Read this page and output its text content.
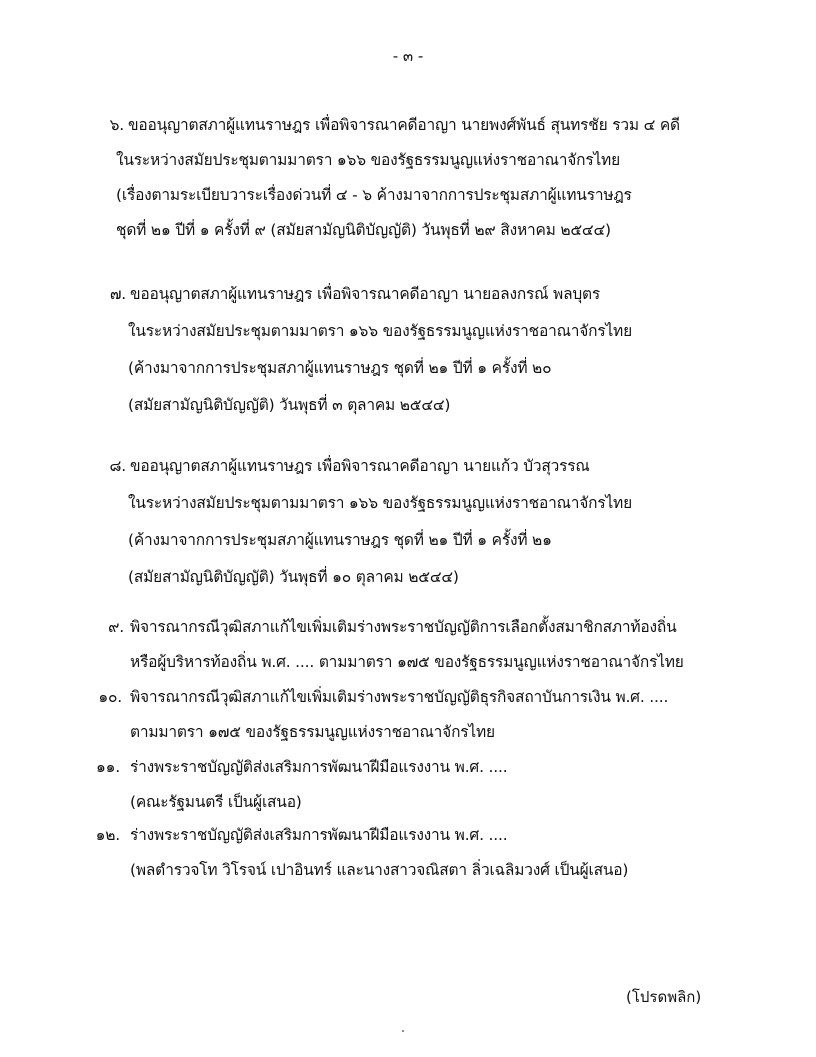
- ๓ -
๖. ขออนุญาตสภาผู้แทนราษฎร เพื่อพิจารณาคดีอาญา นายพงศ์พันธ์ สุนทรชัย รวม ๔ คดี
ในระหว่างสมัยประชุมตามมาตรา ๑๖๖ ของรัฐธรรมนูญแห่งราชอาณาจักรไทย
(เรื่องตามระเบียบวาระเรื่องด่วนที่ ๔ - ๖ ค้างมาจากการประชุมสภาผู้แทนราษฎร
ชุดที่ ๒๑ ปีที่ ๑ ครั้งที่ ๙ (สมัยสามัญนิติบัญญัติ) วันพุธที่ ๒๙ สิงหาคม ๒๕๔๔)
๗. ขออนุญาตสภาผู้แทนราษฎร เพื่อพิจารณาคดีอาญา นายอลงกรณ์ พลบุตร
ในระหว่างสมัยประชุมตามมาตรา ๑๖๖ ของรัฐธรรมนูญแห่งราชอาณาจักรไทย
(ค้างมาจากการประชุมสภาผู้แทนราษฎร ชุดที่ ๒๑ ปีที่ ๑ ครั้งที่ ๒๐
(สมัยสามัญนิติบัญญัติ) วันพุธที่ ๓ ตุลาคม ๒๕๔๔)
๘. ขออนุญาตสภาผู้แทนราษฎร เพื่อพิจารณาคดีอาญา นายแก้ว บัวสุวรรณ
ในระหว่างสมัยประชุมตามมาตรา ๑๖๖ ของรัฐธรรมนูญแห่งราชอาณาจักรไทย
(ค้างมาจากการประชุมสภาผู้แทนราษฎร ชุดที่ ๒๑ ปีที่ ๑ ครั้งที่ ๒๑
(สมัยสามัญนิติบัญญัติ) วันพุธที่ ๑๐ ตุลาคม ๒๕๔๔)
๙. พิจารณากรณีวุฒิสภาแก้ไขเพิ่มเติมร่างพระราชบัญญัติการเลือกตั้งสมาชิกสภาท้องถิ่น
หรือผู้บริหารท้องถิ่น พ.ศ. .... ตามมาตรา ๑๗๕ ของรัฐธรรมนูญแห่งราชอาณาจักรไทย
๑๐. พิจารณากรณีวุฒิสภาแก้ไขเพิ่มเติมร่างพระราชบัญญัติธุรกิจสถาบันการเงิน พ.ศ. ....
ตามมาตรา ๑๗๕ ของรัฐธรรมนูญแห่งราชอาณาจักรไทย
๑๑. ร่างพระราชบัญญัติส่งเสริมการพัฒนาฝีมือแรงงาน พ.ศ. ....
(คณะรัฐมนตรี เป็นผู้เสนอ)
๑๒. ร่างพระราชบัญญัติส่งเสริมการพัฒนาฝีมือแรงงาน พ.ศ. ....
(พลตำรวจโท วิโรจน์ เปาอินทร์ และนางสาวจณิสตา ลิ่วเฉลิมวงศ์ เป็นผู้เสนอ)
(โปรดพลิก)
